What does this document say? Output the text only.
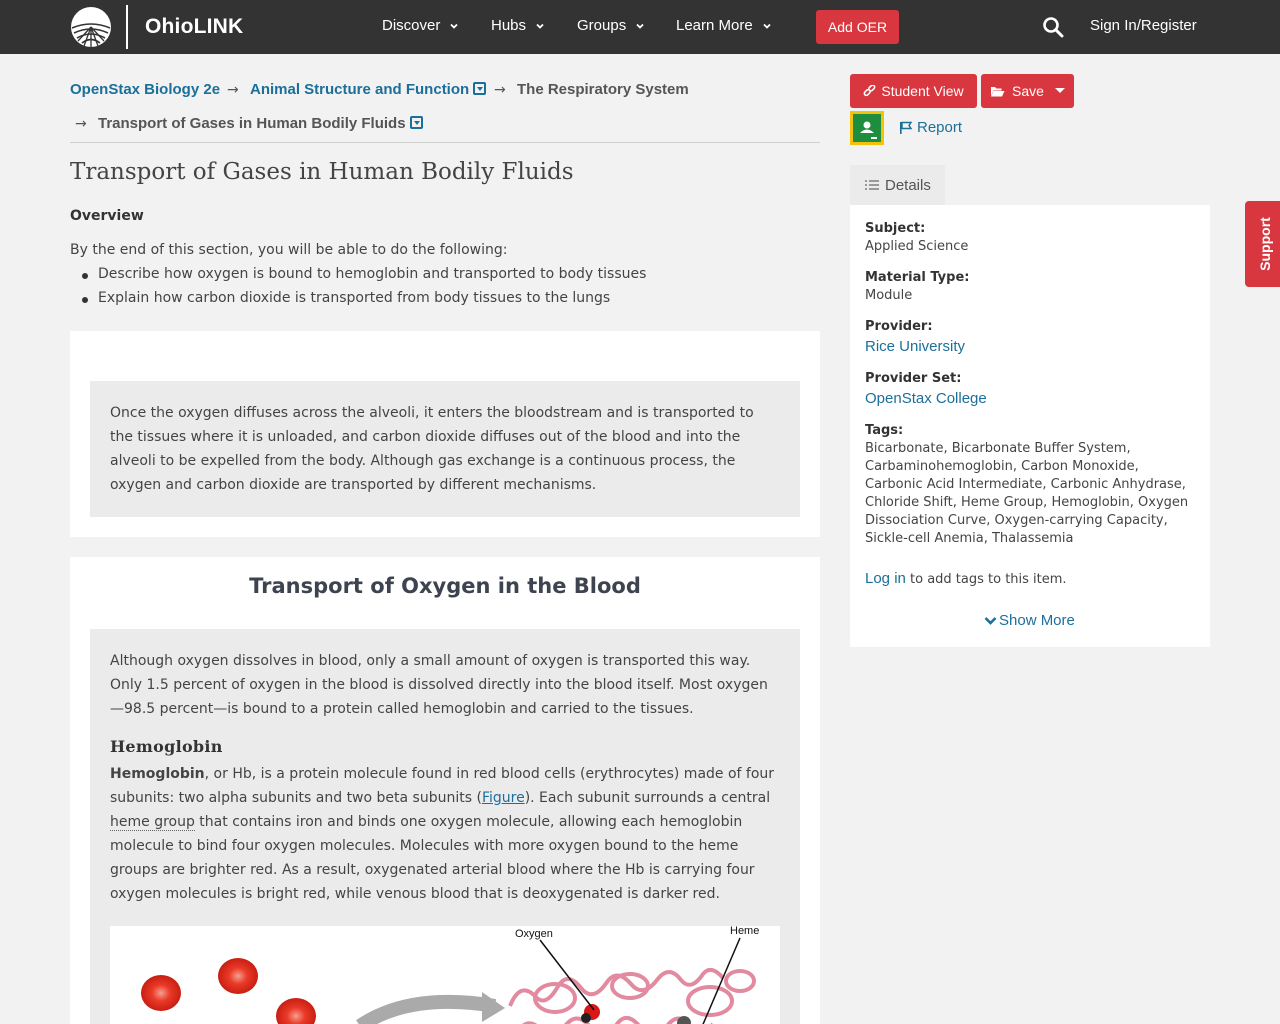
OhioLINK	Discover	Hubs	Groups	Learn More	Add OER	Sign In/Register
OpenStax Biology 2e → Animal Structure and Function	→ The Respiratory System
→ Transport of Gases in Human Bodily Fluids
Transport of Gases in Human Bodily Fluids
Overview
By the end of this section, you will be able to do the following:
Describe how oxygen is bound to hemoglobin and transported to body tissues
Explain how carbon dioxide is transported from body tissues to the lungs

Once the oxygen diffuses across the alveoli, it enters the bloodstream and is transported to the tissues where it is unloaded, and carbon dioxide diffuses out of the blood and into the alveoli to be expelled from the body. Although gas exchange is a continuous process, the oxygen and carbon dioxide are transported by different mechanisms.

Transport of Oxygen in the Blood

Although oxygen dissolves in blood, only a small amount of oxygen is transported this way. Only 1.5 percent of oxygen in the blood is dissolved directly into the blood itself. Most oxygen—98.5 percent—is bound to a protein called hemoglobin and carried to the tissues.

Hemoglobin

Hemoglobin, or Hb, is a protein molecule found in red blood cells (erythrocytes) made of four subunits: two alpha subunits and two beta subunits (Figure). Each subunit surrounds a central heme group that contains iron and binds one oxygen molecule, allowing each hemoglobin molecule to bind four oxygen molecules. Molecules with more oxygen bound to the heme groups are brighter red. As a result, oxygenated arterial blood where the Hb is carrying four oxygen molecules is bright red, while venous blood that is deoxygenated is darker red.

Oxygen	Heme
Student View	Save
Report
Details
Subject:
Applied Science
Material Type:
Module
Provider:
Rice University
Provider Set:
OpenStax College
Tags:
Bicarbonate, Bicarbonate Buffer System, Carbaminohemoglobin, Carbon Monoxide, Carbonic Acid Intermediate, Carbonic Anhydrase, Chloride Shift, Heme Group, Hemoglobin, Oxygen Dissociation Curve, Oxygen-carrying Capacity, Sickle-cell Anemia, Thalassemia
Log in to add tags to this item.
Show More
Support
